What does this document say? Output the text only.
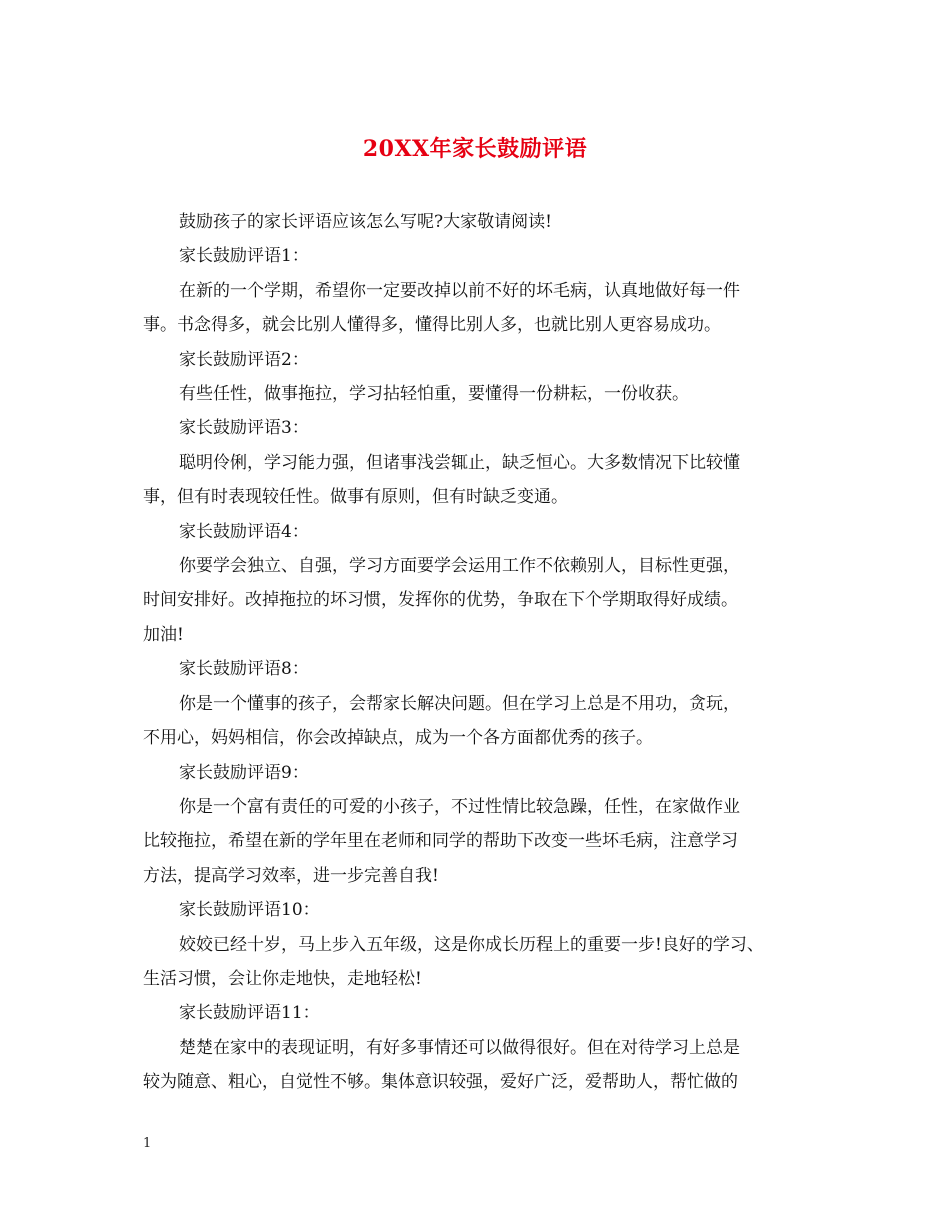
20XX年家长鼓励评语

鼓励孩子的家长评语应该怎么写呢?大家敬请阅读!

家长鼓励评语1：

在新的一个学期，希望你一定要改掉以前不好的坏毛病，认真地做好每一件

事。书念得多，就会比别人懂得多，懂得比别人多，也就比别人更容易成功。

家长鼓励评语2：

有些任性，做事拖拉，学习拈轻怕重，要懂得一份耕耘，一份收获。

家长鼓励评语3：

聪明伶俐，学习能力强，但诸事浅尝辄止，缺乏恒心。大多数情况下比较懂

事，但有时表现较任性。做事有原则，但有时缺乏变通。

家长鼓励评语4：

你要学会独立、自强，学习方面要学会运用工作不依赖别人，目标性更强，

时间安排好。改掉拖拉的坏习惯，发挥你的优势，争取在下个学期取得好成绩。

加油!

家长鼓励评语8：

你是一个懂事的孩子，会帮家长解决问题。但在学习上总是不用功，贪玩，

不用心，妈妈相信，你会改掉缺点，成为一个各方面都优秀的孩子。

家长鼓励评语9：

你是一个富有责任的可爱的小孩子，不过性情比较急躁，任性，在家做作业

比较拖拉，希望在新的学年里在老师和同学的帮助下改变一些坏毛病，注意学习

方法，提高学习效率，进一步完善自我!

家长鼓励评语10：

姣姣已经十岁，马上步入五年级，这是你成长历程上的重要一步!良好的学习、

生活习惯，会让你走地快，走地轻松!

家长鼓励评语11：

楚楚在家中的表现证明，有好多事情还可以做得很好。但在对待学习上总是

较为随意、粗心，自觉性不够。集体意识较强，爱好广泛，爱帮助人，帮忙做的

1
